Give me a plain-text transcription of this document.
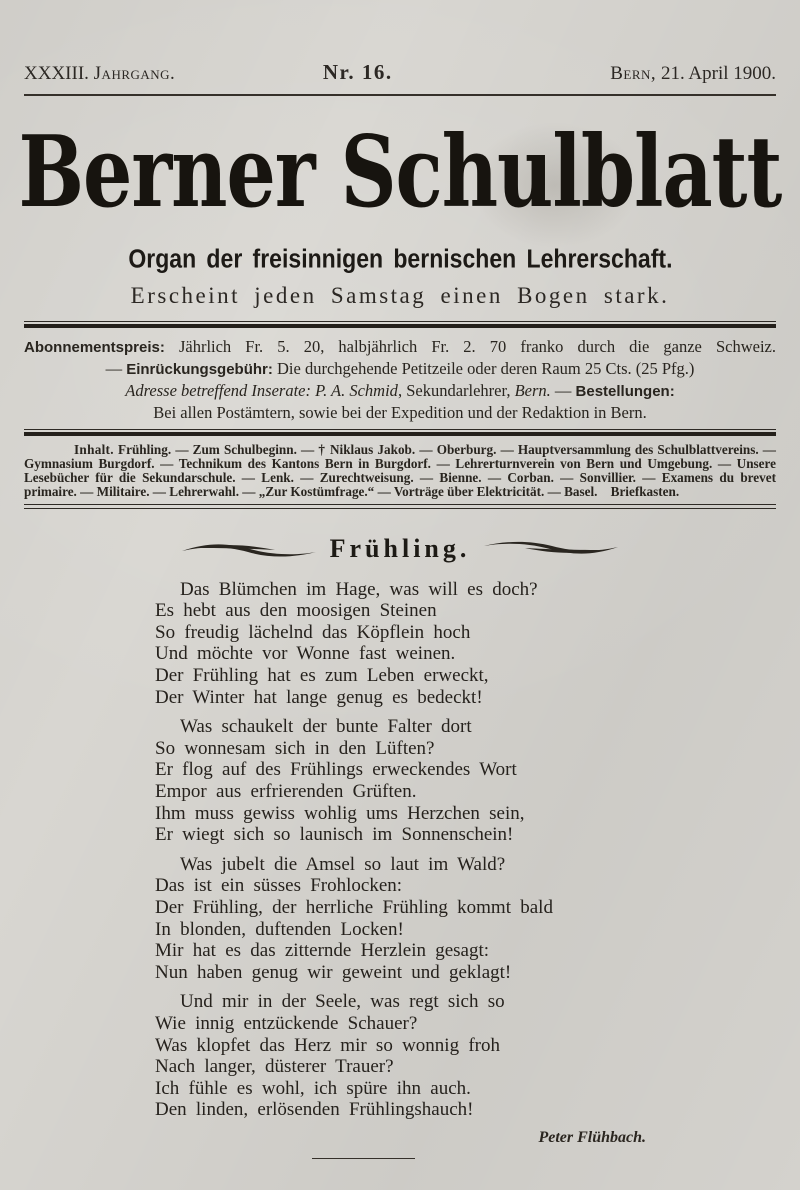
XXXIII. Jahrgang.	Nr. 16.	Bern, 21. April 1900.
Berner Schulblatt
Organ der freisinnigen bernischen Lehrerschaft.
Erscheint jeden Samstag einen Bogen stark.
Abonnementspreis: Jährlich Fr. 5. 20, halbjährlich Fr. 2. 70 franko durch die ganze Schweiz.
— Einrückungsgebühr: Die durchgehende Petitzeile oder deren Raum 25 Cts. (25 Pfg.)
Adresse betreffend Inserate: P. A. Schmid, Sekundarlehrer, Bern. — Bestellungen:
Bei allen Postämtern, sowie bei der Expedition und der Redaktion in Bern.
Inhalt. Frühling. — Zum Schulbeginn. — † Niklaus Jakob. — Oberburg. — Hauptversammlung des Schulblattvereins. — Gymnasium Burgdorf. — Technikum des Kantons Bern in Burgdorf. — Lehrerturnverein von Bern und Umgebung. — Unsere Lesebücher für die Sekundarschule. — Lenk. — Zurechtweisung. — Bienne. — Corban. — Sonvillier. — Examens du brevet primaire. — Militaire. — Lehrerwahl. — „Zur Kostümfrage.“ — Vorträge über Elektricität. — Basel.    Briefkasten.
Frühling.
Das Blümchen im Hage, was will es doch?
Es hebt aus den moosigen Steinen
So freudig lächelnd das Köpflein hoch
Und möchte vor Wonne fast weinen.
Der Frühling hat es zum Leben erweckt,
Der Winter hat lange genug es bedeckt!
Was schaukelt der bunte Falter dort
So wonnesam sich in den Lüften?
Er flog auf des Frühlings erweckendes Wort
Empor aus erfrierenden Grüften.
Ihm muss gewiss wohlig ums Herzchen sein,
Er wiegt sich so launisch im Sonnenschein!
Was jubelt die Amsel so laut im Wald?
Das ist ein süsses Frohlocken:
Der Frühling, der herrliche Frühling kommt bald
In blonden, duftenden Locken!
Mir hat es das zitternde Herzlein gesagt:
Nun haben genug wir geweint und geklagt!
Und mir in der Seele, was regt sich so
Wie innig entzückende Schauer?
Was klopfet das Herz mir so wonnig froh
Nach langer, düsterer Trauer?
Ich fühle es wohl, ich spüre ihn auch.
Den linden, erlösenden Frühlingshauch!
Peter Flühbach.
